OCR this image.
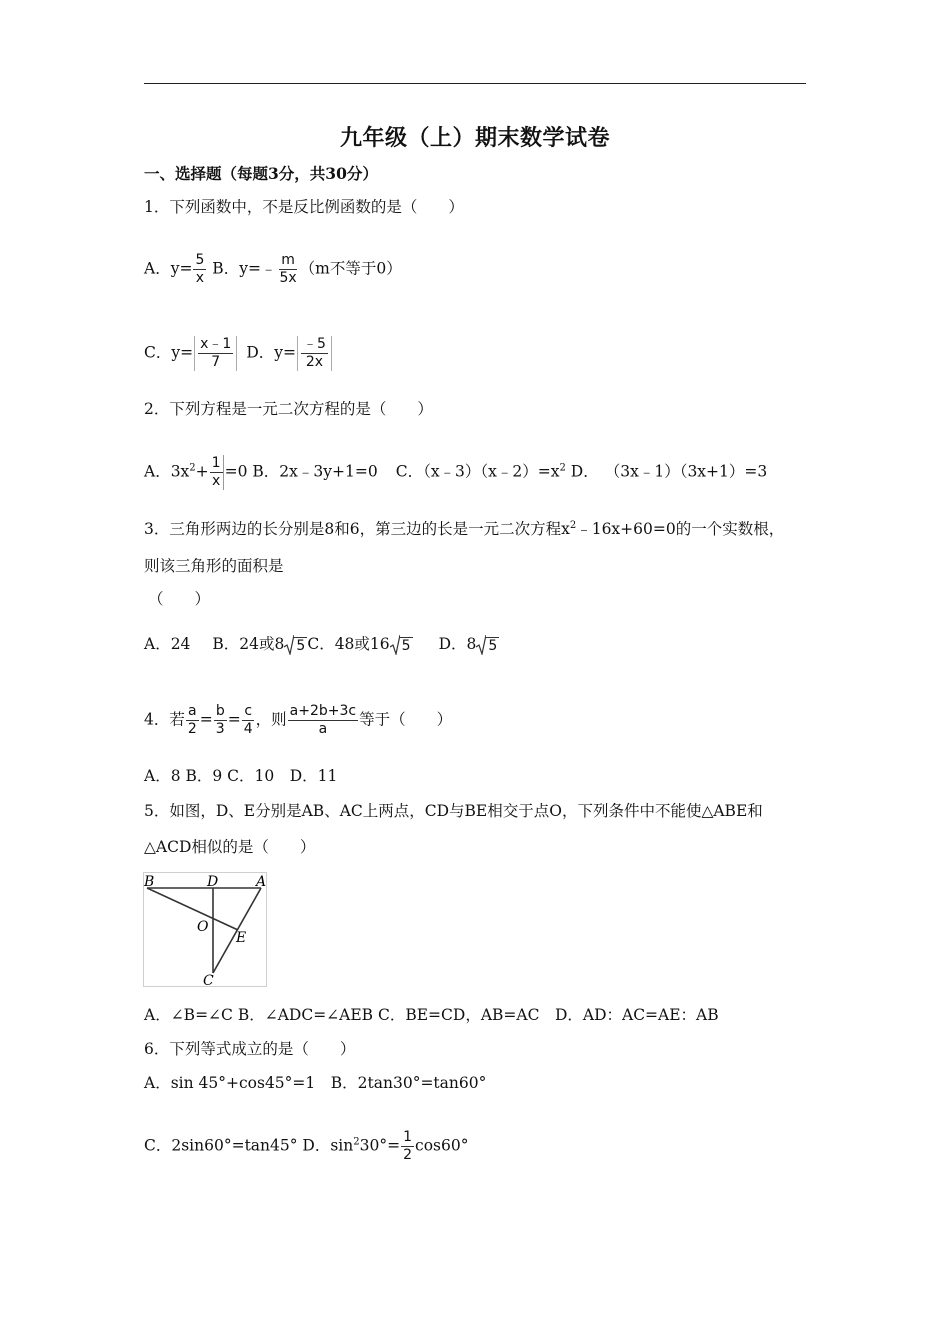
九年级（上）期末数学试卷
一、选择题（每题3分，共30分）
1．下列函数中，不是反比例函数的是（　　）
A．$y= \frac{5}{x}$ B．y=﹣ $\frac{m}{5x} (m$不等于0）
C．$y= \frac{x﹣1}{7}$ D．$y= \frac{﹣5}{2x}$
2．下列方程是一元二次方程的是（　　）
A．$3x^2+ \frac{1}{x} =0$ B．2x﹣3y+1=0 C．$(x﹣3)(x﹣2)=x^2$ D． （3x﹣1）（3x+1）=3
3．三角形两边的长分别是8和6，第三边的长是一元二次方程$x^2﹣16x+60=0$的一个实数根，
则该三角形的面积是
（　　）
A．24 B．24或8 5 C．48或16 5 D．8 5
4．若 $\frac{a}{2} = \frac{b}{3} = \frac{c}{4}$ ，则 $\frac{a+2b+3c}{a}$ 等于（　　）
A．8 B．9 C．10　D．11
5．如图，D、E分别是AB、AC上两点，CD与BE相交于点O，下列条件中不能使△ABE和
△ACD相似的是（　　）
B	D	A
O
E
C
A．∠B=∠C B．∠ADC=∠AEB C．BE=CD，AB=AC　D．AD：AC=AE：AB
6．下列等式成立的是（　　）
A．sin 45°+cos45°=1　B．2tan30°=tan60°
C．2sin60°=tan45° D．$\sin^230^\circ= \frac{1}{2} \cos 60^\circ$
